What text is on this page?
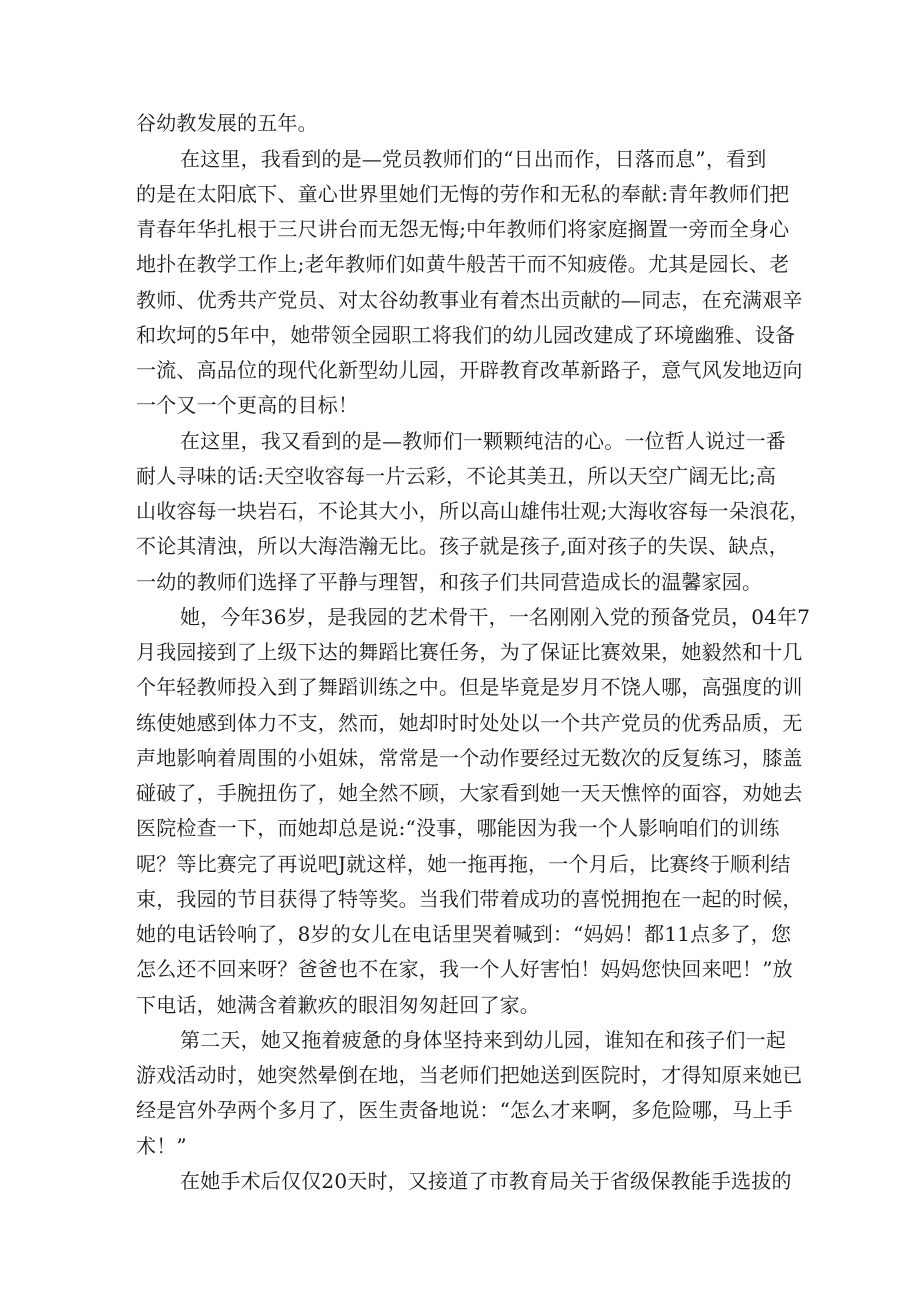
谷幼教发展的五年。
在这里，我看到的是—党员教师们的“日出而作，日落而息”，看到
的是在太阳底下、童心世界里她们无悔的劳作和无私的奉献:青年教师们把
青春年华扎根于三尺讲台而无怨无悔;中年教师们将家庭搁置一旁而全身心
地扑在教学工作上;老年教师们如黄牛般苦干而不知疲倦。尤其是园长、老
教师、优秀共产党员、对太谷幼教事业有着杰出贡献的—同志，在充满艰辛
和坎坷的5年中，她带领全园职工将我们的幼儿园改建成了环境幽雅、设备
一流、高品位的现代化新型幼儿园，开辟教育改革新路子，意气风发地迈向
一个又一个更高的目标！
在这里，我又看到的是—教师们一颗颗纯洁的心。一位哲人说过一番
耐人寻味的话:天空收容每一片云彩，不论其美丑，所以天空广阔无比;高
山收容每一块岩石，不论其大小，所以高山雄伟壮观;大海收容每一朵浪花，
不论其清浊，所以大海浩瀚无比。孩子就是孩子,面对孩子的失误、缺点，
一幼的教师们选择了平静与理智，和孩子们共同营造成长的温馨家园。
她，今年36岁，是我园的艺术骨干，一名刚刚入党的预备党员，04年7
月我园接到了上级下达的舞蹈比赛任务，为了保证比赛效果，她毅然和十几
个年轻教师投入到了舞蹈训练之中。但是毕竟是岁月不饶人哪，高强度的训
练使她感到体力不支，然而，她却时时处处以一个共产党员的优秀品质，无
声地影响着周围的小姐妹，常常是一个动作要经过无数次的反复练习，膝盖
碰破了，手腕扭伤了，她全然不顾，大家看到她一天天憔悴的面容，劝她去
医院检查一下，而她却总是说:“没事，哪能因为我一个人影响咱们的训练
呢？等比赛完了再说吧J就这样，她一拖再拖，一个月后，比赛终于顺利结
束，我园的节目获得了特等奖。当我们带着成功的喜悦拥抱在一起的时候，
她的电话铃响了，8岁的女儿在电话里哭着喊到：“妈妈！都11点多了，您
怎么还不回来呀？爸爸也不在家，我一个人好害怕！妈妈您快回来吧！”放
下电话，她满含着歉疚的眼泪匆匆赶回了家。
第二天，她又拖着疲惫的身体坚持来到幼儿园，谁知在和孩子们一起
游戏活动时，她突然晕倒在地，当老师们把她送到医院时，才得知原来她已
经是宫外孕两个多月了，医生责备地说：“怎么才来啊，多危险哪，马上手
术！”
在她手术后仅仅20天时，又接道了市教育局关于省级保教能手选拔的
